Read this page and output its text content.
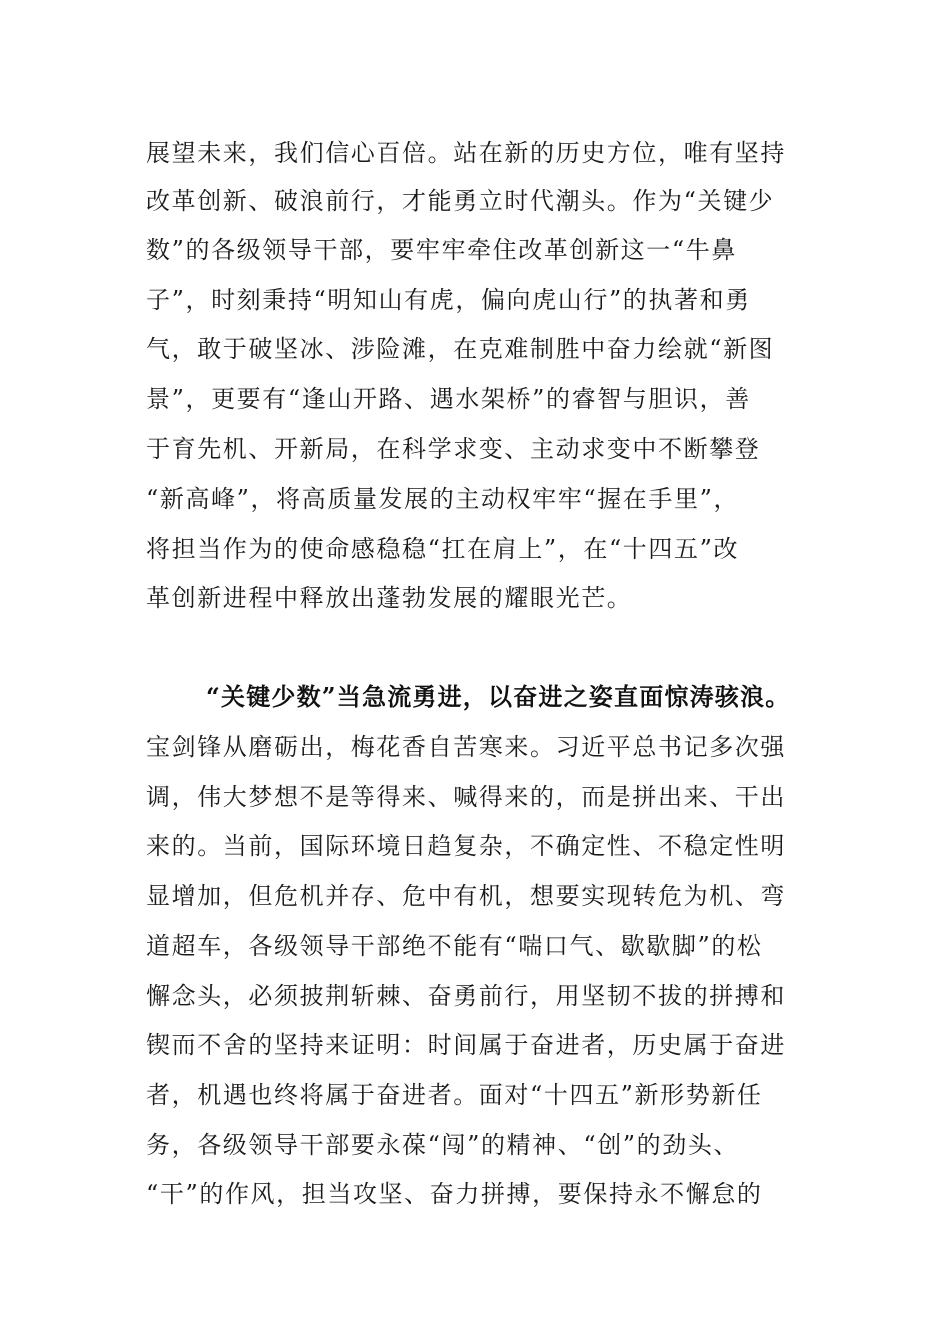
展望未来，我们信心百倍。站在新的历史方位，唯有坚持
改革创新、破浪前行，才能勇立时代潮头。作为“关键少
数”的各级领导干部，要牢牢牵住改革创新这一“牛鼻
子”，时刻秉持“明知山有虎，偏向虎山行”的执著和勇
气，敢于破坚冰、涉险滩，在克难制胜中奋力绘就“新图
景”，更要有“逢山开路、遇水架桥”的睿智与胆识，善
于育先机、开新局，在科学求变、主动求变中不断攀登
“新高峰”，将高质量发展的主动权牢牢“握在手里”，
将担当作为的使命感稳稳“扛在肩上”，在“十四五”改
革创新进程中释放出蓬勃发展的耀眼光芒。
“关键少数”当急流勇进，以奋进之姿直面惊涛骇浪。
宝剑锋从磨砺出，梅花香自苦寒来。习近平总书记多次强
调，伟大梦想不是等得来、喊得来的，而是拼出来、干出
来的。当前，国际环境日趋复杂，不确定性、不稳定性明
显增加，但危机并存、危中有机，想要实现转危为机、弯
道超车，各级领导干部绝不能有“喘口气、歇歇脚”的松
懈念头，必须披荆斩棘、奋勇前行，用坚韧不拔的拼搏和
锲而不舍的坚持来证明：时间属于奋进者，历史属于奋进
者，机遇也终将属于奋进者。面对“十四五”新形势新任
务，各级领导干部要永葆“闯”的精神、“创”的劲头、
“干”的作风，担当攻坚、奋力拼搏，要保持永不懈怠的
